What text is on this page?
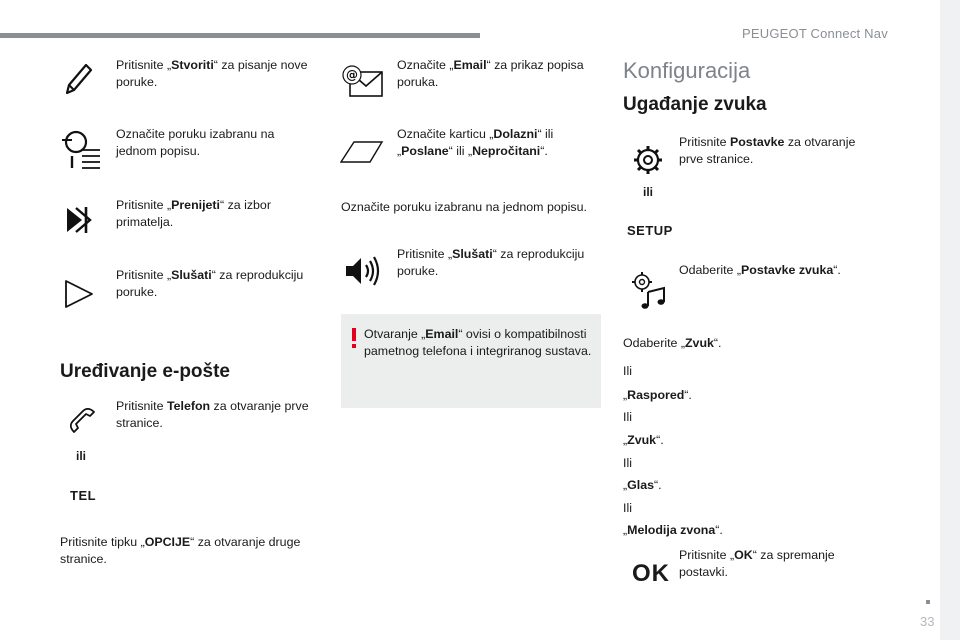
PEUGEOT Connect Nav
33
Pritisnite „Stvoriti“ za pisanje nove poruke.
Označite poruku izabranu na jednom popisu.
Pritisnite „Prenijeti“ za izbor primatelja.
Pritisnite „Slušati“ za reprodukciju poruke.
Uređivanje e-pošte
Pritisnite Telefon za otvaranje prve stranice.
ili
TEL
Pritisnite tipku „OPCIJE“ za otvaranje druge stranice.
@
Označite „Email“ za prikaz popisa poruka.
Označite karticu „Dolazni“ ili „Poslane“ ili „Nepročitani“.
Označite poruku izabranu na jednom popisu.
Pritisnite „Slušati“ za reprodukciju poruke.
Otvaranje „Email“ ovisi o kompatibilnosti pametnog telefona i integriranog sustava.
Konfiguracija
Ugađanje zvuka
Pritisnite Postavke za otvaranje prve stranice.
ili
SETUP
Odaberite „Postavke zvuka“.
Odaberite „Zvuk“.
Ili
„Raspored“.
Ili
„Zvuk“.
Ili
„Glas“.
Ili
„Melodija zvona“.
OK
Pritisnite „OK“ za spremanje postavki.
